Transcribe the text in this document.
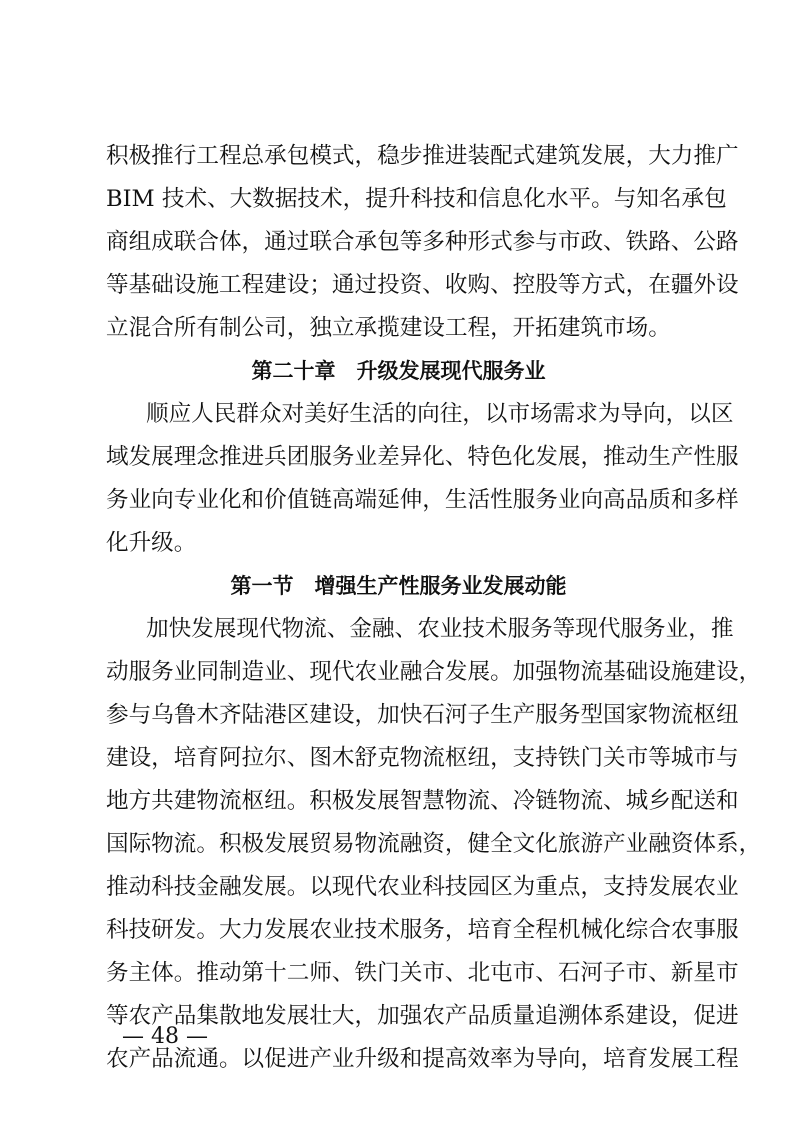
积极推行工程总承包模式，稳步推进装配式建筑发展，大力推广
BIM 技术、大数据技术，提升科技和信息化水平。与知名承包
商组成联合体，通过联合承包等多种形式参与市政、铁路、公路
等基础设施工程建设；通过投资、收购、控股等方式，在疆外设
立混合所有制公司，独立承揽建设工程，开拓建筑市场。
第二十章　升级发展现代服务业
顺应人民群众对美好生活的向往，以市场需求为导向，以区
域发展理念推进兵团服务业差异化、特色化发展，推动生产性服
务业向专业化和价值链高端延伸，生活性服务业向高品质和多样
化升级。
第一节　增强生产性服务业发展动能
加快发展现代物流、金融、农业技术服务等现代服务业，推
动服务业同制造业、现代农业融合发展。加强物流基础设施建设，
参与乌鲁木齐陆港区建设，加快石河子生产服务型国家物流枢纽
建设，培育阿拉尔、图木舒克物流枢纽，支持铁门关市等城市与
地方共建物流枢纽。积极发展智慧物流、冷链物流、城乡配送和
国际物流。积极发展贸易物流融资，健全文化旅游产业融资体系，
推动科技金融发展。以现代农业科技园区为重点，支持发展农业
科技研发。大力发展农业技术服务，培育全程机械化综合农事服
务主体。推动第十二师、铁门关市、北屯市、石河子市、新星市
等农产品集散地发展壮大，加强农产品质量追溯体系建设，促进
农产品流通。以促进产业升级和提高效率为导向，培育发展工程
— 48 —
